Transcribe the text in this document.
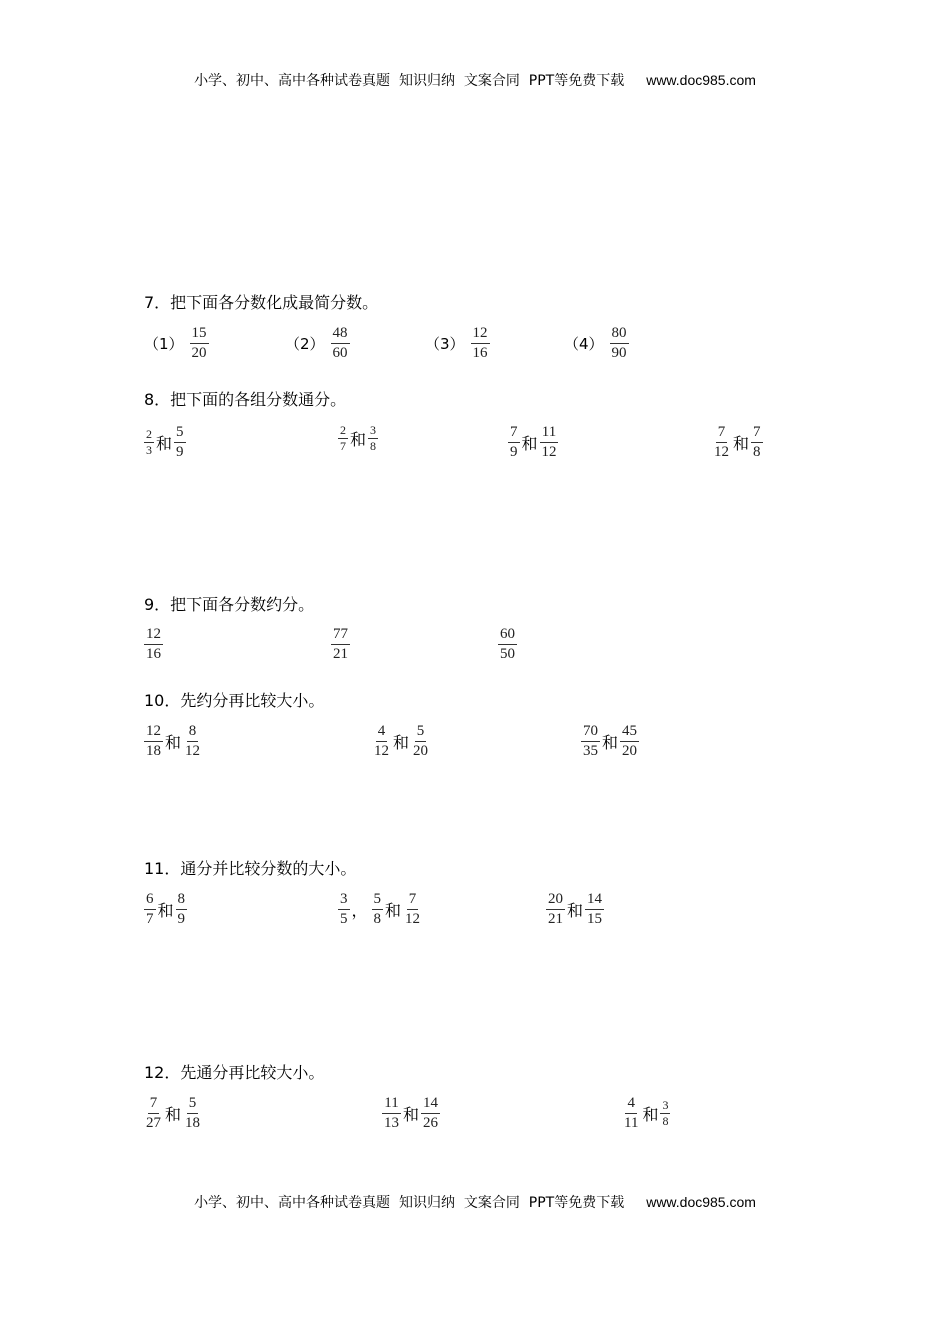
小学、初中、高中各种试卷真题  知识归纳  文案合同  PPT等免费下载 www.doc985.com
7．把下面各分数化成最简分数。
$(1) \frac{15}{20}$	$(2) \frac{48}{60}$	$(3) \frac{12}{16}$	$(4) \frac{80}{90}$
8．把下面的各组分数通分。
$\frac{2}{3}$ 和 $\frac{5}{9}$	$\frac{2}{7}$ 和 $\frac{3}{8}$	$\frac{7}{9}$ 和 $\frac{11}{12}$	$\frac{7}{12}$ 和 $\frac{7}{8}$
9．把下面各分数约分。
$\frac{12}{16}$	$\frac{77}{21}$	$\frac{60}{50}$
10．先约分再比较大小。
$\frac{12}{18}$ 和 $\frac{8}{12}$	$\frac{4}{12}$ 和 $\frac{5}{20}$	$\frac{70}{35}$ 和 $\frac{45}{20}$
11．通分并比较分数的大小。
$\frac{6}{7}$ 和 $\frac{8}{9}$	$\frac{3}{5}$ ， $\frac{5}{8}$ 和 $\frac{7}{12}$	$\frac{20}{21}$ 和 $\frac{14}{15}$
12．先通分再比较大小。
$\frac{7}{27}$ 和 $\frac{5}{18}$	$\frac{11}{13}$ 和 $\frac{14}{26}$	$\frac{4}{11}$ 和 $\frac{3}{8}$
小学、初中、高中各种试卷真题  知识归纳  文案合同  PPT等免费下载 www.doc985.com
